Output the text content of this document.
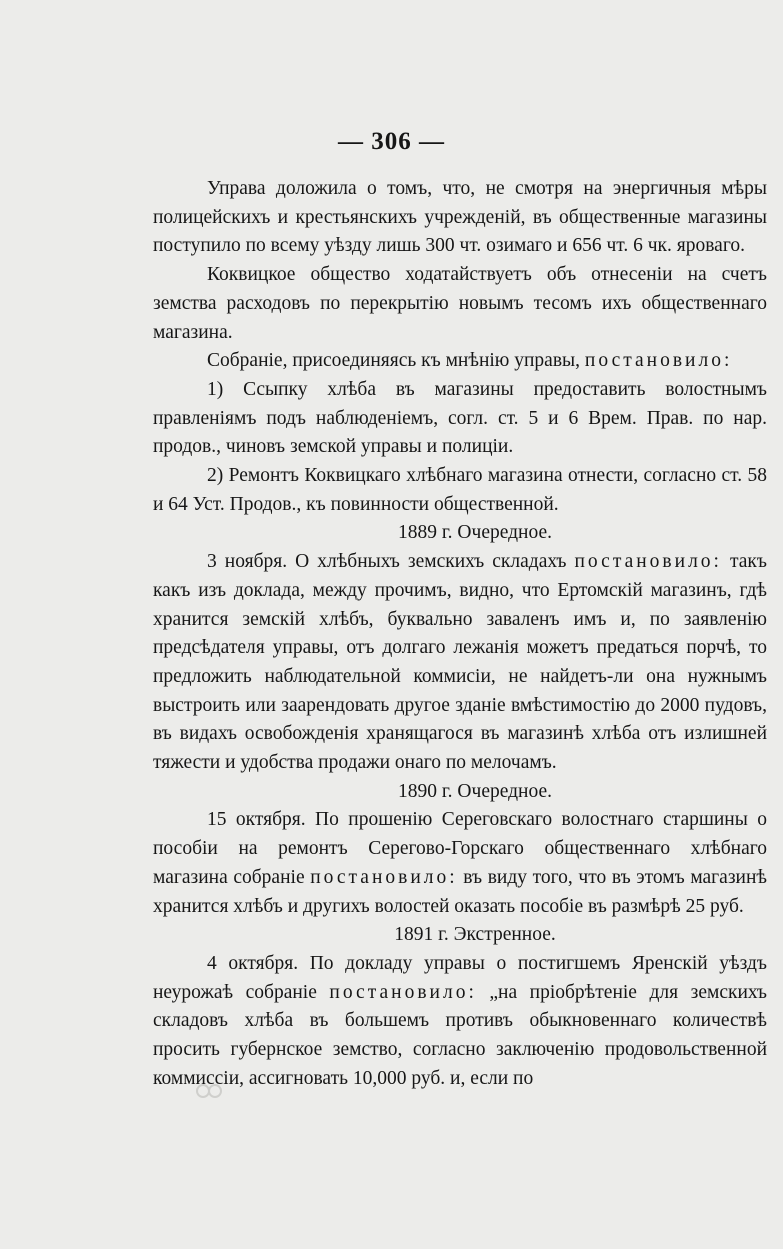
— 306 —

Управа доложила о томъ, что, не смотря на энергичныя мѣры полицейскихъ и крестьянскихъ учрежденій, въ общественные магазины поступило по всему уѣзду лишь 300 чт. озимаго и 656 чт. 6 чк. яроваго.

Коквицкое общество ходатайствуетъ объ отнесеніи на счетъ земства расходовъ по перекрытію новымъ тесомъ ихъ общественнаго магазина.

Собраніе, присоединяясь къ мнѣнію управы, постановило:

1) Ссыпку хлѣба въ магазины предоставить волостнымъ правленіямъ подъ наблюденіемъ, согл. ст. 5 и 6 Врем. Прав. по нар. продов., чиновъ земской управы и полиціи.

2) Ремонтъ Коквицкаго хлѣбнаго магазина отнести, согласно ст. 58 и 64 Уст. Продов., къ повинности общественной.

1889 г. Очередное.

3 ноября. О хлѣбныхъ земскихъ складахъ постановило: такъ какъ изъ доклада, между прочимъ, видно, что Ертомскій магазинъ, гдѣ хранится земскій хлѣбъ, буквально заваленъ имъ и, по заявленію предсѣдателя управы, отъ долгаго лежанія можетъ предаться порчѣ, то предложить наблюдательной коммисіи, не найдетъ-ли она нужнымъ выстроить или заарендовать другое зданіе вмѣстимостію до 2000 пудовъ, въ видахъ освобожденія хранящагося въ магазинѣ хлѣба отъ излишней тяжести и удобства продажи онаго по мелочамъ.

1890 г. Очередное.

15 октября. По прошенію Сереговскаго волостнаго старшины о пособіи на ремонтъ Серегово-Горскаго общественнаго хлѣбнаго магазина собраніе постановило: въ виду того, что въ этомъ магазинѣ хранится хлѣбъ и другихъ волостей оказать пособіе въ размѣрѣ 25 руб.

1891 г. Экстренное.

4 октября. По докладу управы о постигшемъ Яренскій уѣздъ неурожаѣ собраніе постановило: „на пріобрѣтеніе для земскихъ складовъ хлѣба въ большемъ противъ обыкновеннаго количествѣ просить губернское земство, согласно заключенію продовольственной коммиссіи, ассигновать 10,000 руб. и, если по
